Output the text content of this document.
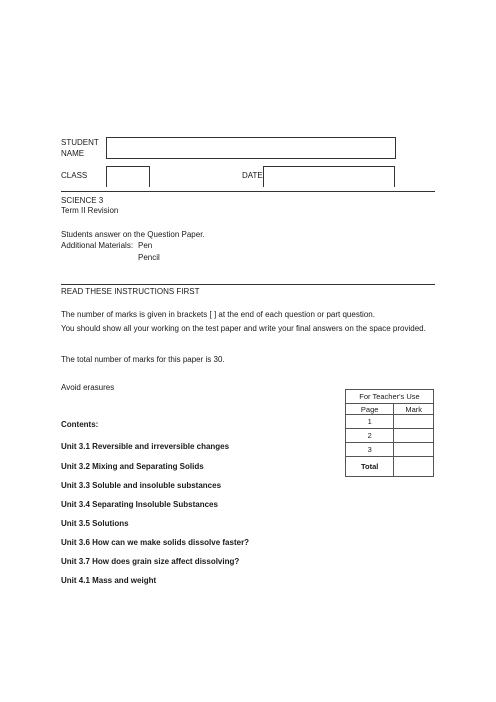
STUDENT
NAME
CLASS	DATE
SCIENCE 3
Term II Revision
Students answer on the Question Paper.
Additional Materials: Pen
Pencil
READ THESE INSTRUCTIONS FIRST
The number of marks is given in brackets [ ] at the end of each question or part question.
You should show all your working on the test paper and write your final answers on the space provided.
The total number of marks for this paper is 30.
Avoid erasures
Contents:
Unit 3.1 Reversible and irreversible changes
Unit 3.2 Mixing and Separating Solids
Unit 3.3 Soluble and insoluble substances
Unit 3.4 Separating Insoluble Substances
Unit 3.5 Solutions
Unit 3.6 How can we make solids dissolve faster?
Unit 3.7 How does grain size affect dissolving?
Unit 4.1 Mass and weight
For Teacher's Use	
Page	Mark
1	
2	
3	
Total	
